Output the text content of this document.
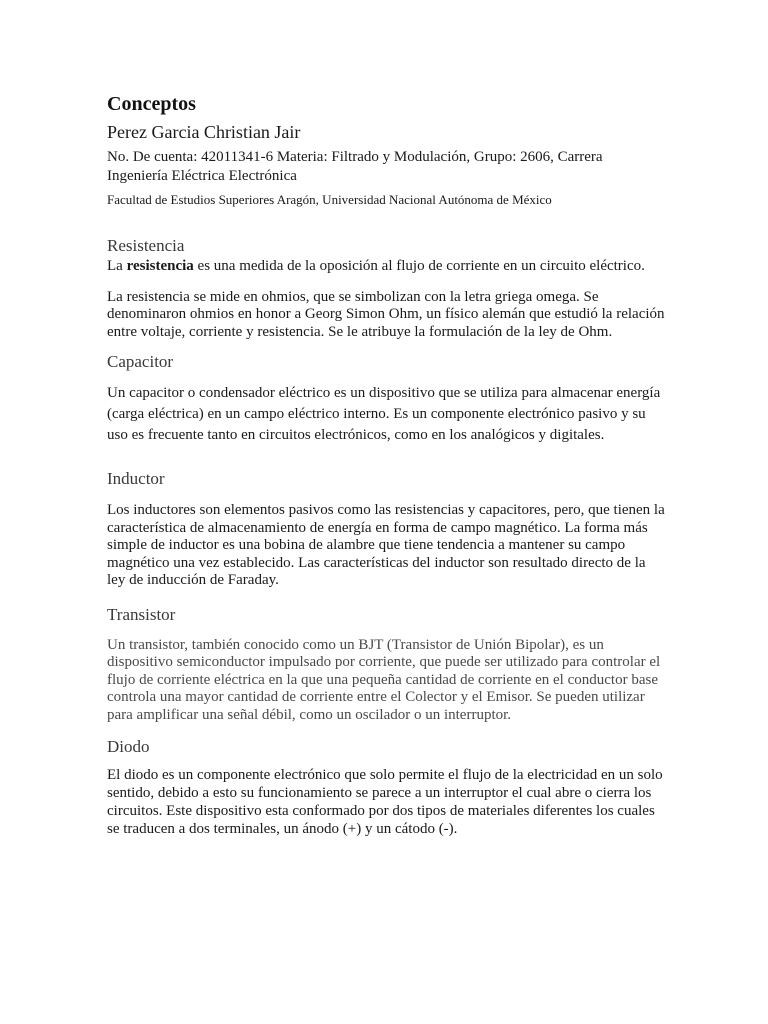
Conceptos
Perez Garcia Christian Jair
No. De cuenta: 42011341-6 Materia: Filtrado y Modulación, Grupo: 2606, Carrera Ingeniería Eléctrica Electrónica
Facultad de Estudios Superiores Aragón, Universidad Nacional Autónoma de México
Resistencia

La resistencia es una medida de la oposición al flujo de corriente en un circuito eléctrico.

La resistencia se mide en ohmios, que se simbolizan con la letra griega omega. Se denominaron ohmios en honor a Georg Simon Ohm, un físico alemán que estudió la relación entre voltaje, corriente y resistencia. Se le atribuye la formulación de la ley de Ohm.

Capacitor

Un capacitor o condensador eléctrico es un dispositivo que se utiliza para almacenar energía (carga eléctrica) en un campo eléctrico interno. Es un componente electrónico pasivo y su uso es frecuente tanto en circuitos electrónicos, como en los analógicos y digitales.

Inductor

Los inductores son elementos pasivos como las resistencias y capacitores, pero, que tienen la característica de almacenamiento de energía en forma de campo magnético. La forma más simple de inductor es una bobina de alambre que tiene tendencia a mantener su campo magnético una vez establecido. Las características del inductor son resultado directo de la ley de inducción de Faraday.

Transistor

Un transistor, también conocido como un BJT (Transistor de Unión Bipolar), es un dispositivo semiconductor impulsado por corriente, que puede ser utilizado para controlar el flujo de corriente eléctrica en la que una pequeña cantidad de corriente en el conductor base controla una mayor cantidad de corriente entre el Colector y el Emisor. Se pueden utilizar para amplificar una señal débil, como un oscilador o un interruptor.

Diodo

El diodo es un componente electrónico que solo permite el flujo de la electricidad en un solo sentido, debido a esto su funcionamiento se parece a un interruptor el cual abre o cierra los circuitos. Este dispositivo esta conformado por dos tipos de materiales diferentes los cuales se traducen a dos terminales, un ánodo (+) y un cátodo (-).
